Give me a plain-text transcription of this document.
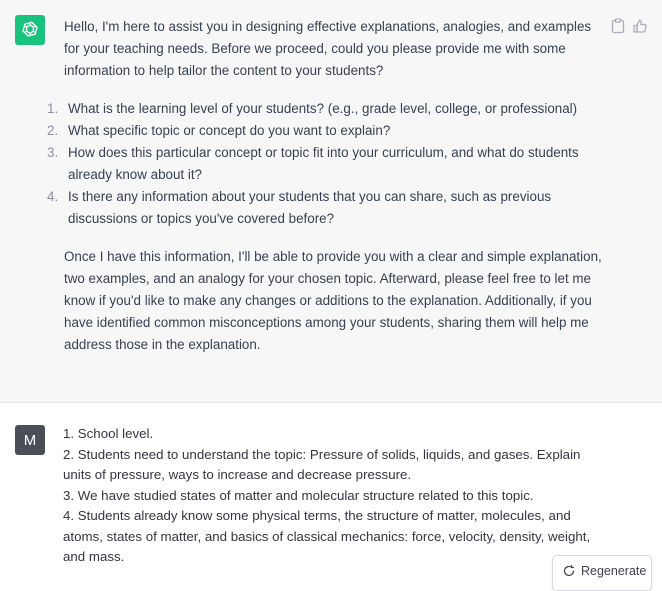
Hello, I'm here to assist you in designing effective explanations, analogies, and examples for your teaching needs. Before we proceed, could you please provide me with some information to help tailor the content to your students?

1. What is the learning level of your students? (e.g., grade level, college, or professional)
2. What specific topic or concept do you want to explain?
3. How does this particular concept or topic fit into your curriculum, and what do students already know about it?
4. Is there any information about your students that you can share, such as previous discussions or topics you've covered before?

Once I have this information, I'll be able to provide you with a clear and simple explanation, two examples, and an analogy for your chosen topic. Afterward, please feel free to let me know if you'd like to make any changes or additions to the explanation. Additionally, if you have identified common misconceptions among your students, sharing them will help me address those in the explanation.

M	1. School level.
2. Students need to understand the topic: Pressure of solids, liquids, and gases. Explain units of pressure, ways to increase and decrease pressure.
3. We have studied states of matter and molecular structure related to this topic.
4. Students already know some physical terms, the structure of matter, molecules, and atoms, states of matter, and basics of classical mechanics: force, velocity, density, weight, and mass.
Regenerate
